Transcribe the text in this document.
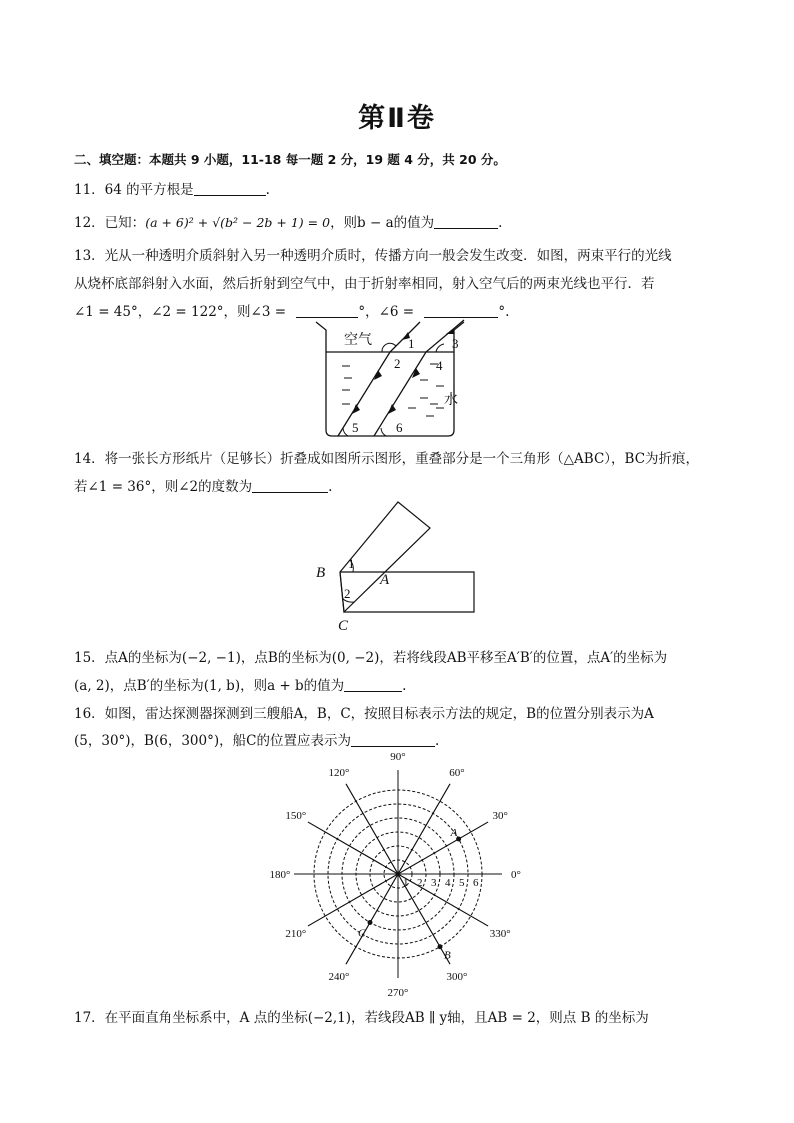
第Ⅱ卷
二、填空题：本题共 9 小题，11-18 每一题 2 分，19 题 4 分，共 20 分。
11．64 的平方根是	.
12．已知：(a + 6)² + √(b² − 2b + 1) = 0，则b − a的值为	.
13．光从一种透明介质斜射入另一种透明介质时，传播方向一般会发生改变．如图，两束平行的光线
从烧杯底部斜射入水面，然后折射到空气中，由于折射率相同，射入空气后的两束光线也平行．若
∠1 = 45°，∠2 = 122°，则∠3 =	°，∠6 =	°.
空气
水
1
2
3
4
5	6
14．将一张长方形纸片（足够长）折叠成如图所示图形，重叠部分是一个三角形（△ABC），BC为折痕，
若∠1 = 36°，则∠2的度数为	.
B	A
C
1
2
15．点A的坐标为(−2, −1)，点B的坐标为(0, −2)，若将线段AB平移至A′B′的位置，点A′的坐标为
(a, 2)，点B′的坐标为(1, b)，则a + b的值为	.
16．如图，雷达探测器探测到三艘船A，B，C，按照目标表示方法的规定，B的位置分别表示为A
(5，30°)，B(6，300°)，船C的位置应表示为	.
0°
30°
60°
90°
120°
150°
180°
210°
240°
270°
300°
330°
1 2 3 4 5 6
A
B
C
17．在平面直角坐标系中，A 点的坐标(−2,1)，若线段AB ∥ y轴，且AB = 2，则点 B 的坐标为
